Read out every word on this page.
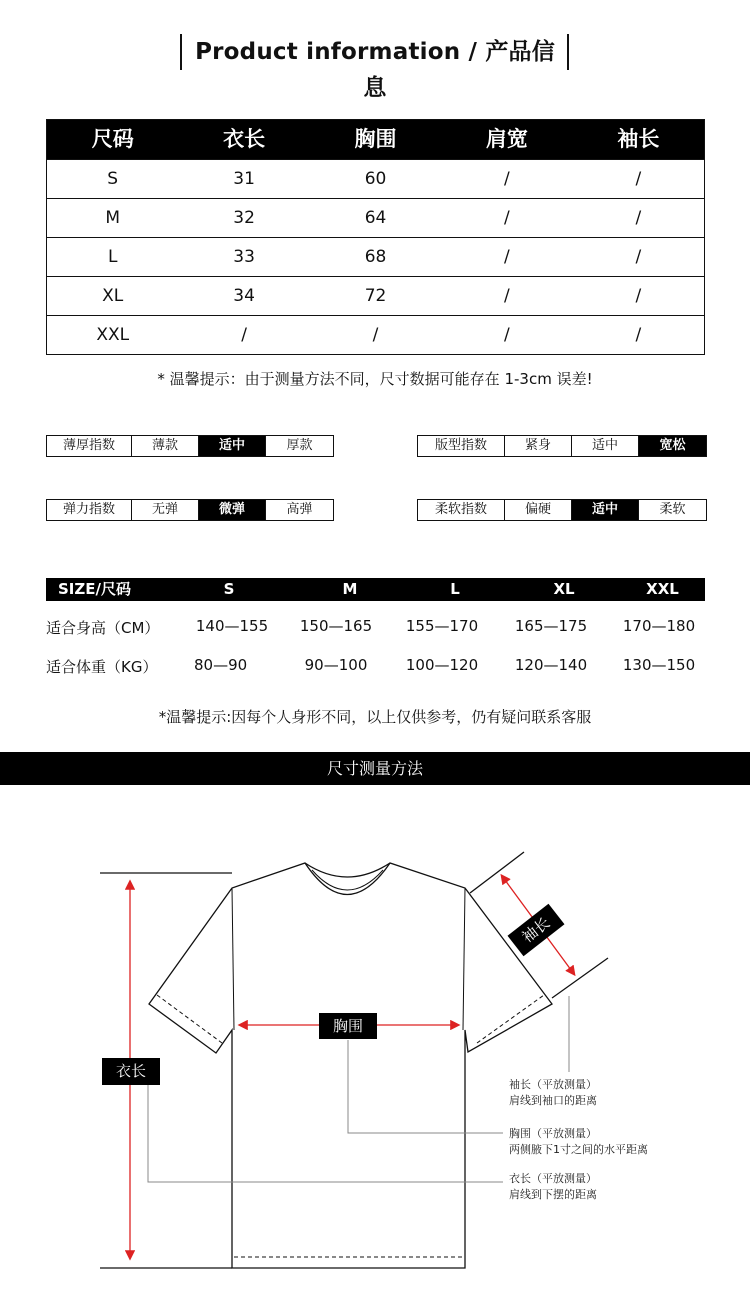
Product information / 产品信息
尺码	衣长	胸围	肩宽	袖长
S	31	60	/	/
M	32	64	/	/
L	33	68	/	/
XL	34	72	/	/
XXL	/	/	/	/
* 温馨提示：由于测量方法不同，尺寸数据可能存在 1-3cm 误差!
薄厚指数	薄款	适中	厚款	版型指数	紧身	适中	宽松
弹力指数	无弹	微弹	高弹	柔软指数	偏硬	适中	柔软
SIZE/尺码	S	M	L	XL	XXL
适合身高（CM）	140—155	150—165	155—170	165—175	170—180
适合体重（KG）	80—90	90—100	100—120	120—140	130—150
*温馨提示:因每个人身形不同，以上仅供参考，仍有疑问联系客服
尺寸测量方法
胸围
衣长
袖长
袖长（平放测量）
肩线到袖口的距离
胸围（平放测量）
两侧腋下1寸之间的水平距离
衣长（平放测量）
肩线到下摆的距离
